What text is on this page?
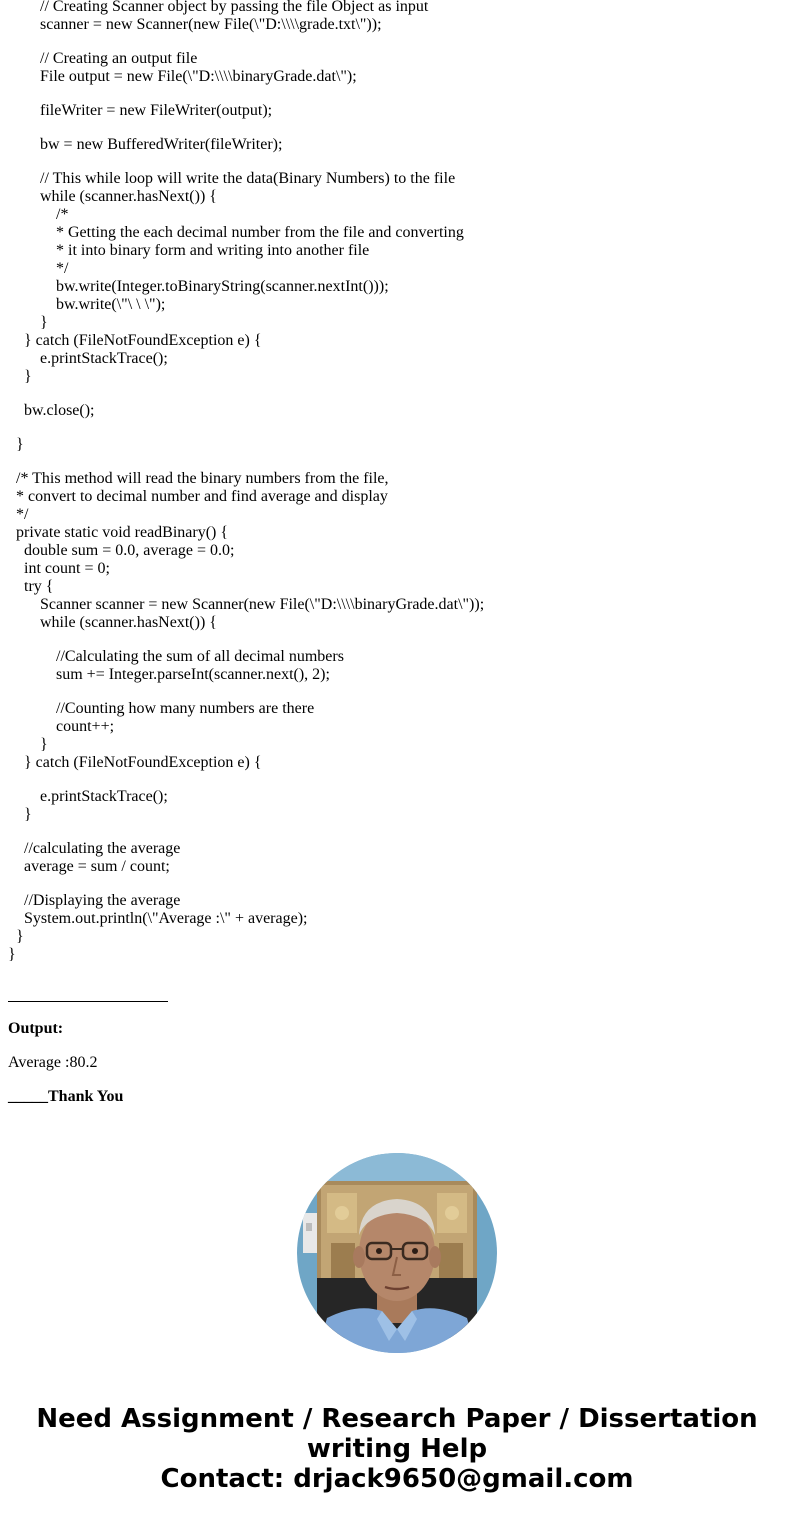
// Creating Scanner object by passing the file Object as input
scanner = new Scanner(new File(\"D:\\\\grade.txt\"));
// Creating an output file
File output = new File(\"D:\\\\binaryGrade.dat\");
fileWriter = new FileWriter(output);
bw = new BufferedWriter(fileWriter);
// This while loop will write the data(Binary Numbers) to the file
while (scanner.hasNext()) {
/*
* Getting the each decimal number from the file and converting
* it into binary form and writing into another file
*/
bw.write(Integer.toBinaryString(scanner.nextInt()));
bw.write(\"\ \ \");
}
} catch (FileNotFoundException e) {
e.printStackTrace();
}
bw.close();
}
/* This method will read the binary numbers from the file,
* convert to decimal number and find average and display
*/
private static void readBinary() {
double sum = 0.0, average = 0.0;
int count = 0;
try {
Scanner scanner = new Scanner(new File(\"D:\\\\binaryGrade.dat\"));
while (scanner.hasNext()) {
//Calculating the sum of all decimal numbers
sum += Integer.parseInt(scanner.next(), 2);
//Counting how many numbers are there
count++;
}
} catch (FileNotFoundException e) {
e.printStackTrace();
}
//calculating the average
average = sum / count;
//Displaying the average
System.out.println(\"Average :\" + average);
}
}
Output:
Average :80.2
_____Thank You
Need Assignment / Research Paper / Dissertation
writing Help
Contact: drjack9650@gmail.com
